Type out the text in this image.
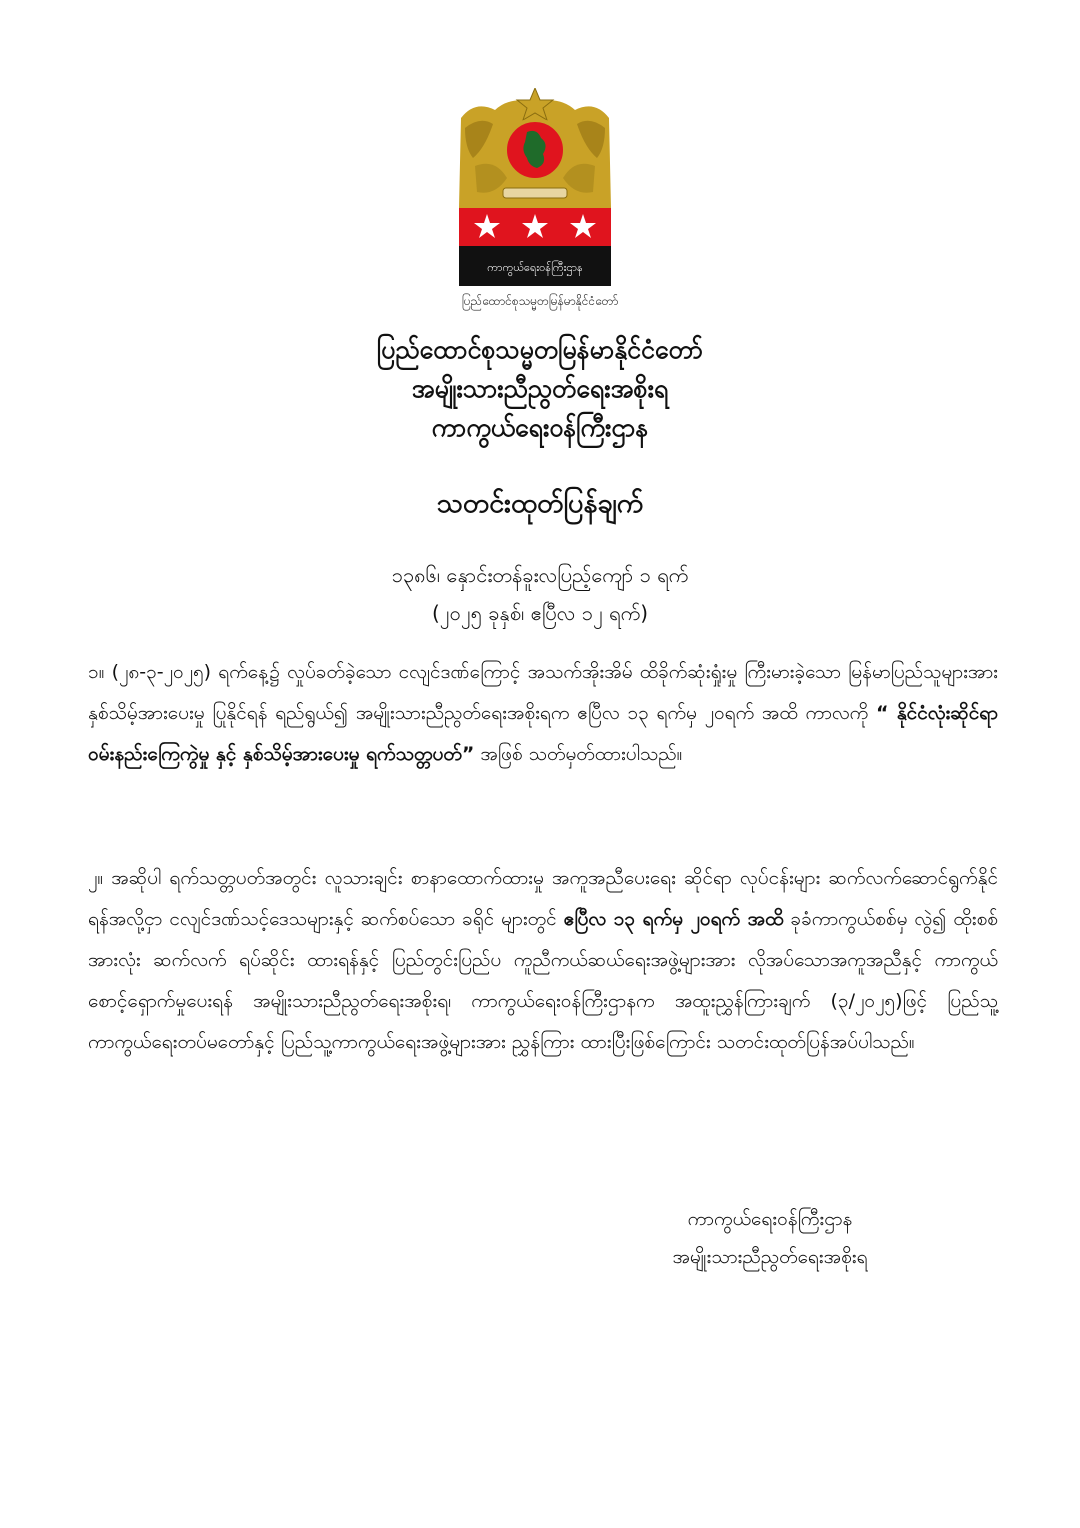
ကာကွယ်ရေးဝန်ကြီးဌာန
ပြည်ထောင်စုသမ္မတမြန်မာနိုင်ငံတော်
ပြည်ထောင်စုသမ္မတမြန်မာနိုင်ငံတော်
အမျိုးသားညီညွတ်ရေးအစိုးရ
ကာကွယ်ရေးဝန်ကြီးဌာန
သတင်းထုတ်ပြန်ချက်
၁၃၈၆၊ နှောင်းတန်ခူးလပြည့်ကျော် ၁ ရက်
(၂၀၂၅ ခုနှစ်၊ ဧပြီလ ၁၂ ရက်)
၁။ (၂၈-၃-၂၀၂၅) ရက်နေ့၌ လှုပ်ခတ်ခဲ့သော ငလျင်ဒဏ်ကြောင့် အသက်အိုးအိမ် ထိခိုက်ဆုံးရှုံးမှု ကြီးမားခဲ့သော မြန်မာပြည်သူများအား နှစ်သိမ့်အားပေးမှု ပြုနိုင်ရန် ရည်ရွယ်၍ အမျိုးသားညီညွတ်ရေးအစိုးရက ဧပြီလ ၁၃ ရက်မှ ၂၀ရက် အထိ ကာလကို “ နိုင်ငံလုံးဆိုင်ရာ ဝမ်းနည်းကြေကွဲမှု နှင့် နှစ်သိမ့်အားပေးမှု ရက်သတ္တပတ်” အဖြစ် သတ်မှတ်ထားပါသည်။
၂။ အဆိုပါ ရက်သတ္တပတ်အတွင်း လူသားချင်း စာနာထောက်ထားမှု အကူအညီပေးရေး ဆိုင်ရာ လုပ်ငန်းများ ဆက်လက်ဆောင်ရွက်နိုင်ရန်အလို့ငှာ ငလျင်ဒဏ်သင့်ဒေသများနှင့် ဆက်စပ်သော ခရိုင် များတွင် ဧပြီလ ၁၃ ရက်မှ ၂၀ရက် အထိ ခုခံကာကွယ်စစ်မှ လွဲ၍ ထိုးစစ်အားလုံး ဆက်လက် ရပ်ဆိုင်း ထားရန်နှင့် ပြည်တွင်းပြည်ပ ကူညီကယ်ဆယ်ရေးအဖွဲ့များအား လိုအပ်သောအကူအညီနှင့် ကာကွယ် စောင့်ရှောက်မှုပေးရန် အမျိုးသားညီညွတ်ရေးအစိုးရ၊ ကာကွယ်ရေးဝန်ကြီးဌာနက အထူးညွှန်ကြားချက် (၃/၂၀၂၅)ဖြင့် ပြည်သူ့ကာကွယ်ရေးတပ်မတော်နှင့် ပြည်သူ့ကာကွယ်ရေးအဖွဲ့များအား ညွှန်ကြား ထားပြီးဖြစ်ကြောင်း သတင်းထုတ်ပြန်အပ်ပါသည်။
ကာကွယ်ရေးဝန်ကြီးဌာန
အမျိုးသားညီညွတ်ရေးအစိုးရ
